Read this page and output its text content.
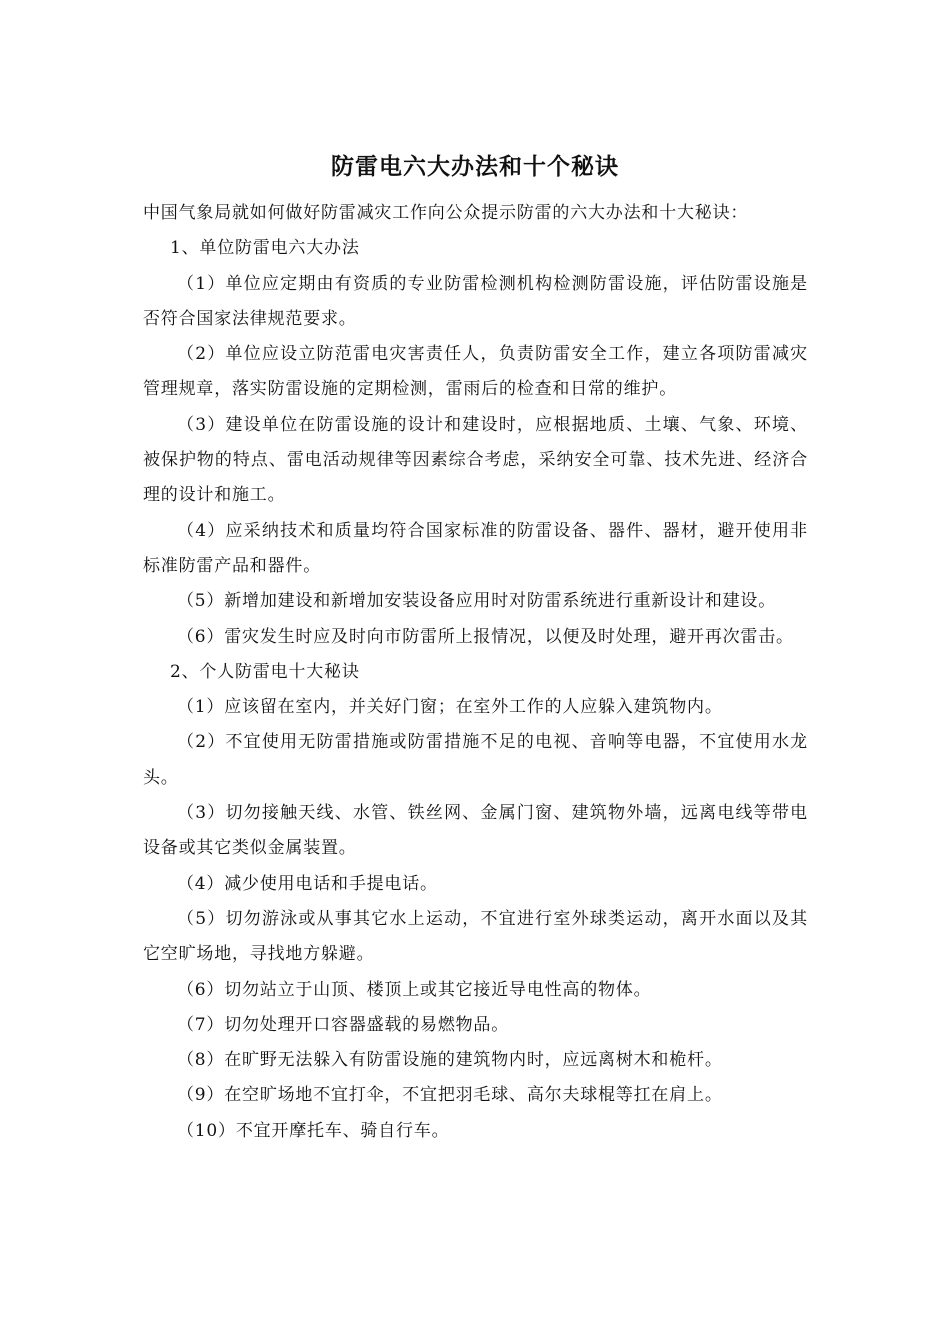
防雷电六大办法和十个秘诀

中国气象局就如何做好防雷减灾工作向公众提示防雷的六大办法和十大秘诀：

1、单位防雷电六大办法

（1）单位应定期由有资质的专业防雷检测机构检测防雷设施，评估防雷设施是否符合国家法律规范要求。

（2）单位应设立防范雷电灾害责任人，负责防雷安全工作，建立各项防雷减灾管理规章，落实防雷设施的定期检测，雷雨后的检查和日常的维护。

（3）建设单位在防雷设施的设计和建设时，应根据地质、土壤、气象、环境、被保护物的特点、雷电活动规律等因素综合考虑，采纳安全可靠、技术先进、经济合理的设计和施工。

（4）应采纳技术和质量均符合国家标准的防雷设备、器件、器材，避开使用非标准防雷产品和器件。

（5）新增加建设和新增加安装设备应用时对防雷系统进行重新设计和建设。

（6）雷灾发生时应及时向市防雷所上报情况，以便及时处理，避开再次雷击。

2、个人防雷电十大秘诀

（1）应该留在室内，并关好门窗；在室外工作的人应躲入建筑物内。

（2）不宜使用无防雷措施或防雷措施不足的电视、音响等电器，不宜使用水龙头。

（3）切勿接触天线、水管、铁丝网、金属门窗、建筑物外墙，远离电线等带电设备或其它类似金属装置。

（4）减少使用电话和手提电话。

（5）切勿游泳或从事其它水上运动，不宜进行室外球类运动，离开水面以及其它空旷场地，寻找地方躲避。

（6）切勿站立于山顶、楼顶上或其它接近导电性高的物体。

（7）切勿处理开口容器盛载的易燃物品。

（8）在旷野无法躲入有防雷设施的建筑物内时，应远离树木和桅杆。

（9）在空旷场地不宜打伞，不宜把羽毛球、高尔夫球棍等扛在肩上。

（10）不宜开摩托车、骑自行车。
